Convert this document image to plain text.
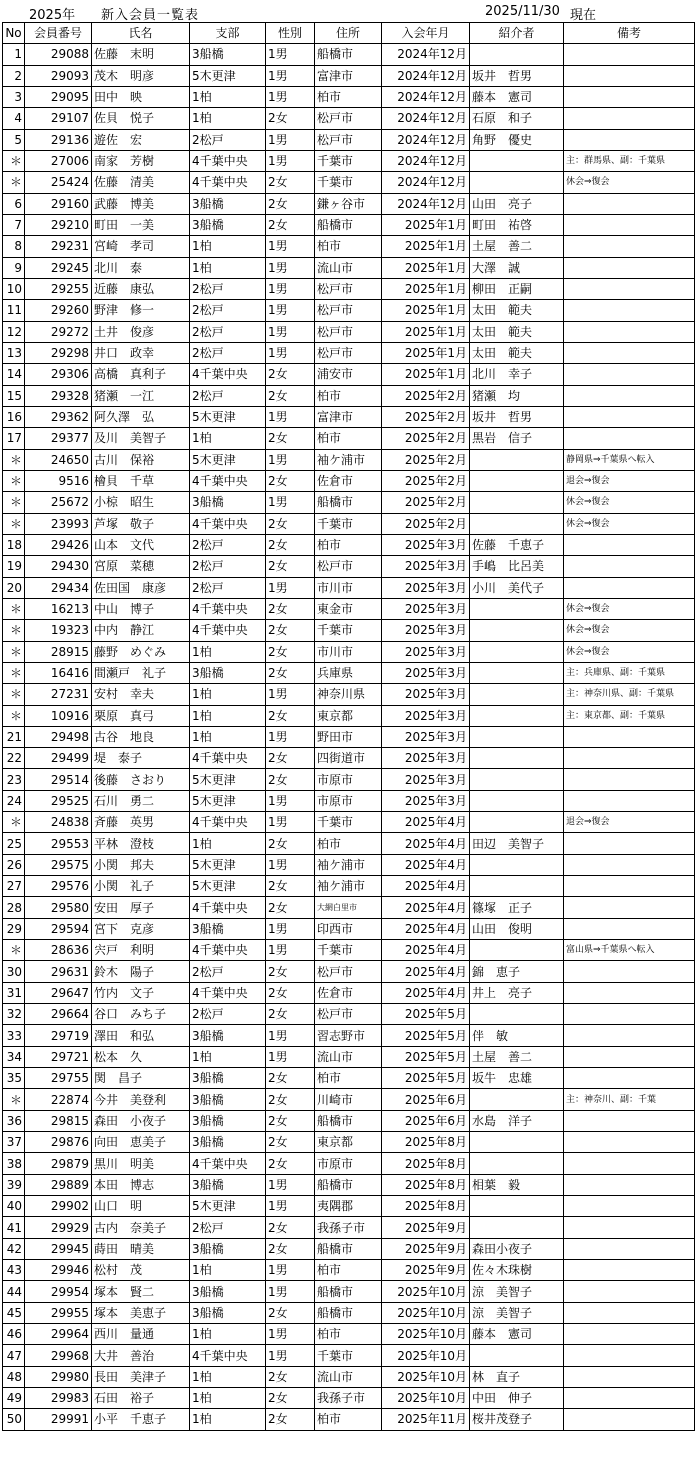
2025年 新入会員一覧表	2025/11/30 現在
No	会員番号	氏名	支部	性別	住所	入会年月	紹介者	備考
1	29088	佐藤　末明	3船橋	1男	船橋市	2024年12月		
2	29093	茂木　明彦	5木更津	1男	富津市	2024年12月	坂井　哲男	
3	29095	田中　映	1柏	1男	柏市	2024年12月	藤本　憲司	
4	29107	佐貝　悦子	1柏	2女	松戸市	2024年12月	石原　和子	
5	29136	遊佐　宏	2松戸	1男	松戸市	2024年12月	角野　優史	
＊	27006	南家　芳樹	4千葉中央	1男	千葉市	2024年12月		主：群馬県、副：千葉県
＊	25424	佐藤　清美	4千葉中央	2女	千葉市	2024年12月		休会⇒復会
6	29160	武藤　博美	3船橋	2女	鎌ヶ谷市	2024年12月	山田　亮子	
7	29210	町田　一美	3船橋	2女	船橋市	2025年1月	町田　祐啓	
8	29231	宮崎　孝司	1柏	1男	柏市	2025年1月	土屋　善二	
9	29245	北川　泰	1柏	1男	流山市	2025年1月	大澤　誠	
10	29255	近藤　康弘	2松戸	1男	松戸市	2025年1月	柳田　正嗣	
11	29260	野津　修一	2松戸	1男	松戸市	2025年1月	太田　範夫	
12	29272	土井　俊彦	2松戸	1男	松戸市	2025年1月	太田　範夫	
13	29298	井口　政幸	2松戸	1男	松戸市	2025年1月	太田　範夫	
14	29306	高橋　真利子	4千葉中央	2女	浦安市	2025年1月	北川　幸子	
15	29328	猪瀬　一江	2松戸	2女	柏市	2025年2月	猪瀬　均	
16	29362	阿久澤　弘	5木更津	1男	富津市	2025年2月	坂井　哲男	
17	29377	及川　美智子	1柏	2女	柏市	2025年2月	黒岩　信子	
＊	24650	古川　保裕	5木更津	1男	袖ケ浦市	2025年2月		静岡県⇒千葉県へ転入
＊	9516	檜貝　千草	4千葉中央	2女	佐倉市	2025年2月		退会⇒復会
＊	25672	小椋　昭生	3船橋	1男	船橋市	2025年2月		休会⇒復会
＊	23993	芦塚　敬子	4千葉中央	2女	千葉市	2025年2月		休会⇒復会
18	29426	山本　文代	2松戸	2女	柏市	2025年3月	佐藤　千恵子	
19	29430	宮原　菜穂	2松戸	2女	松戸市	2025年3月	手嶋　比呂美	
20	29434	佐田国　康彦	2松戸	1男	市川市	2025年3月	小川　美代子	
＊	16213	中山　博子	4千葉中央	2女	東金市	2025年3月		休会⇒復会
＊	19323	中内　静江	4千葉中央	2女	千葉市	2025年3月		休会⇒復会
＊	28915	藤野　めぐみ	1柏	2女	市川市	2025年3月		休会⇒復会
＊	16416	間瀬戸　礼子	3船橋	2女	兵庫県	2025年3月		主：兵庫県、副：千葉県
＊	27231	安村　幸夫	1柏	1男	神奈川県	2025年3月		主：神奈川県、副：千葉県
＊	10916	栗原　真弓	1柏	2女	東京都	2025年3月		主：東京都、副：千葉県
21	29498	古谷　地良	1柏	1男	野田市	2025年3月		
22	29499	堤　泰子	4千葉中央	2女	四街道市	2025年3月		
23	29514	後藤　さおり	5木更津	2女	市原市	2025年3月		
24	29525	石川　勇二	5木更津	1男	市原市	2025年3月		
＊	24838	斉藤　英男	4千葉中央	1男	千葉市	2025年4月		退会⇒復会
25	29553	平林　澄枝	1柏	2女	柏市	2025年4月	田辺　美智子	
26	29575	小関　邦夫	5木更津	1男	袖ケ浦市	2025年4月		
27	29576	小関　礼子	5木更津	2女	袖ケ浦市	2025年4月		
28	29580	安田　厚子	4千葉中央	2女	大網白里市	2025年4月	篠塚　正子	
29	29594	宮下　克彦	3船橋	1男	印西市	2025年4月	山田　俊明	
＊	28636	宍戸　利明	4千葉中央	1男	千葉市	2025年4月		富山県⇒千葉県へ転入
30	29631	鈴木　陽子	2松戸	2女	松戸市	2025年4月	錦　恵子	
31	29647	竹内　文子	4千葉中央	2女	佐倉市	2025年4月	井上　亮子	
32	29664	谷口　みち子	2松戸	2女	松戸市	2025年5月		
33	29719	澤田　和弘	3船橋	1男	習志野市	2025年5月	伴　敏	
34	29721	松本　久	1柏	1男	流山市	2025年5月	土屋　善二	
35	29755	関　昌子	3船橋	2女	柏市	2025年5月	坂牛　忠雄	
＊	22874	今井　美登利	3船橋	2女	川崎市	2025年6月		主：神奈川、副：千葉
36	29815	森田　小夜子	3船橋	2女	船橋市	2025年6月	水島　洋子	
37	29876	向田　恵美子	3船橋	2女	東京都	2025年8月		
38	29879	黒川　明美	4千葉中央	2女	市原市	2025年8月		
39	29889	本田　博志	3船橋	1男	船橋市	2025年8月	相葉　毅	
40	29902	山口　明	5木更津	1男	夷隅郡	2025年8月		
41	29929	古内　奈美子	2松戸	2女	我孫子市	2025年9月		
42	29945	蒔田　晴美	3船橋	2女	船橋市	2025年9月	森田小夜子	
43	29946	松村　茂	1柏	1男	柏市	2025年9月	佐々木珠樹	
44	29954	塚本　賢二	3船橋	1男	船橋市	2025年10月	涼　美智子	
45	29955	塚本　美恵子	3船橋	2女	船橋市	2025年10月	涼　美智子	
46	29964	西川　量通	1柏	1男	柏市	2025年10月	藤本　憲司	
47	29968	大井　善治	4千葉中央	1男	千葉市	2025年10月		
48	29980	長田　美津子	1柏	2女	流山市	2025年10月	林　直子	
49	29983	石田　裕子	1柏	2女	我孫子市	2025年10月	中田　伸子	
50	29991	小平　千恵子	1柏	2女	柏市	2025年11月	桜井茂登子	
